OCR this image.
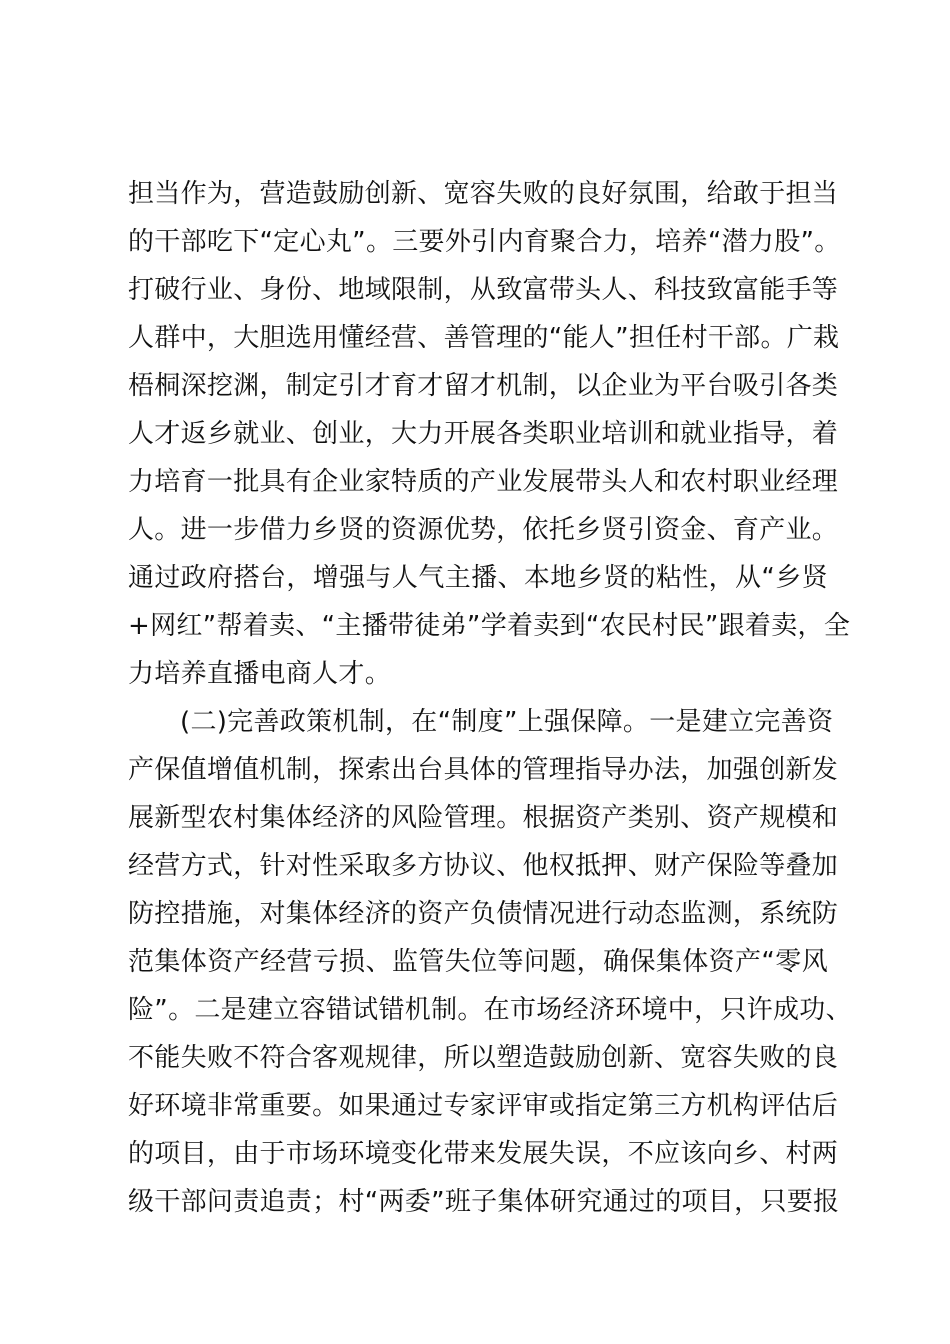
担当作为，营造鼓励创新、宽容失败的良好氛围，给敢于担当
的干部吃下“定心丸”。三要外引内育聚合力，培养“潜力股”。
打破行业、身份、地域限制，从致富带头人、科技致富能手等
人群中，大胆选用懂经营、善管理的“能人”担任村干部。广栽
梧桐深挖渊，制定引才育才留才机制，以企业为平台吸引各类
人才返乡就业、创业，大力开展各类职业培训和就业指导，着
力培育一批具有企业家特质的产业发展带头人和农村职业经理
人。进一步借力乡贤的资源优势，依托乡贤引资金、育产业。
通过政府搭台，增强与人气主播、本地乡贤的粘性，从“乡贤
+网红”帮着卖、“主播带徒弟”学着卖到“农民村民”跟着卖，全
力培养直播电商人才。
(二)完善政策机制，在“制度”上强保障。一是建立完善资
产保值增值机制，探索出台具体的管理指导办法，加强创新发
展新型农村集体经济的风险管理。根据资产类别、资产规模和
经营方式，针对性采取多方协议、他权抵押、财产保险等叠加
防控措施，对集体经济的资产负债情况进行动态监测，系统防
范集体资产经营亏损、监管失位等问题，确保集体资产“零风
险”。二是建立容错试错机制。在市场经济环境中，只许成功、
不能失败不符合客观规律，所以塑造鼓励创新、宽容失败的良
好环境非常重要。如果通过专家评审或指定第三方机构评估后
的项目，由于市场环境变化带来发展失误，不应该向乡、村两
级干部问责追责；村“两委”班子集体研究通过的项目，只要报
